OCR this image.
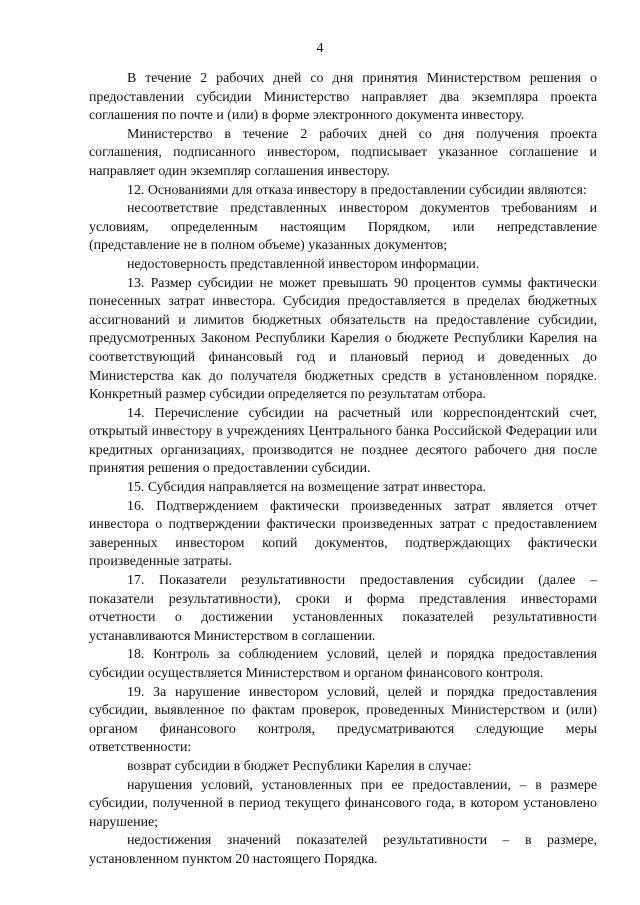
4

В течение 2 рабочих дней со дня принятия Министерством решения о предоставлении субсидии Министерство направляет два экземпляра проекта соглашения по почте и (или) в форме электронного документа инвестору.

Министерство в течение 2 рабочих дней со дня получения проекта соглашения, подписанного инвестором, подписывает указанное соглашение и направляет один экземпляр соглашения инвестору.

12. Основаниями для отказа инвестору в предоставлении субсидии являются:

несоответствие представленных инвестором документов требованиям и условиям, определенным настоящим Порядком, или непредставление (представление не в полном объеме) указанных документов;

недостоверность представленной инвестором информации.

13. Размер субсидии не может превышать 90 процентов суммы фактически понесенных затрат инвестора. Субсидия предоставляется в пределах бюджетных ассигнований и лимитов бюджетных обязательств на предоставление субсидии, предусмотренных Законом Республики Карелия о бюджете Республики Карелия на соответствующий финансовый год и плановый период и доведенных до Министерства как до получателя бюджетных средств в установленном порядке. Конкретный размер субсидии определяется по результатам отбора.

14. Перечисление субсидии на расчетный или корреспондентский счет, открытый инвестору в учреждениях Центрального банка Российской Федерации или кредитных организациях, производится не позднее десятого рабочего дня после принятия решения о предоставлении субсидии.

15. Субсидия направляется на возмещение затрат инвестора.

16. Подтверждением фактически произведенных затрат является отчет инвестора о подтверждении фактически произведенных затрат с предоставлением заверенных инвестором копий документов, подтверждающих фактически произведенные затраты.

17. Показатели результативности предоставления субсидии (далее – показатели результативности), сроки и форма представления инвесторами отчетности о достижении установленных показателей результативности устанавливаются Министерством в соглашении.

18. Контроль за соблюдением условий, целей и порядка предоставления субсидии осуществляется Министерством и органом финансового контроля.

19. За нарушение инвестором условий, целей и порядка предоставления субсидии, выявленное по фактам проверок, проведенных Министерством и (или) органом финансового контроля, предусматриваются следующие меры ответственности:

возврат субсидии в бюджет Республики Карелия в случае:

нарушения условий, установленных при ее предоставлении, – в размере субсидии, полученной в период текущего финансового года, в котором установлено нарушение;

недостижения значений показателей результативности – в размере, установленном пунктом 20 настоящего Порядка.
